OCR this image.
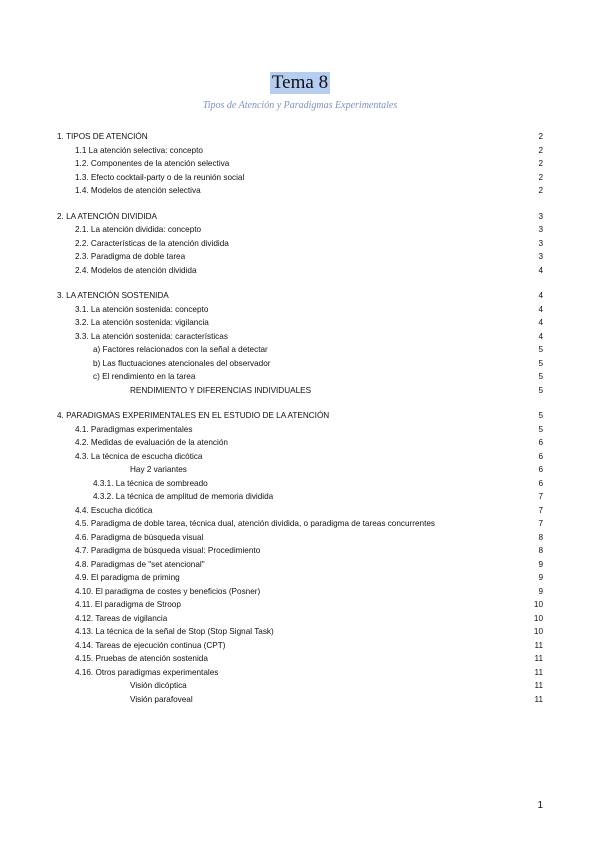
Tema 8
Tipos de Atención y Paradigmas Experimentales
1. TIPOS DE ATENCIÓN	2
1.1 La atención selectiva: concepto	2
1.2. Componentes de la atención selectiva	2
1.3. Efecto cocktail-party o de la reunión social	2
1.4. Modelos de atención selectiva	2
2. LA ATENCIÓN DIVIDIDA	3
2.1. La atención dividida: concepto	3
2.2. Características de la atención dividida	3
2.3. Paradigma de doble tarea	3
2.4. Modelos de atención dividida	4
3. LA ATENCIÓN SOSTENIDA	4
3.1. La atención sostenida: concepto	4
3.2. La atención sostenida: vigilancia	4
3.3. La atención sostenida: características	4
a) Factores relacionados con la señal a detectar	5
b) Las fluctuaciones atencionales del observador	5
c) El rendimiento en la tarea	5
RENDIMIENTO Y DIFERENCIAS INDIVIDUALES	5
4. PARADIGMAS EXPERIMENTALES EN EL ESTUDIO DE LA ATENCIÓN	5
4.1. Paradigmas experimentales	5
4.2. Medidas de evaluación de la atención	6
4.3. La técnica de escucha dicótica	6
Hay 2 variantes	6
4.3.1. La técnica de sombreado	6
4.3.2. La técnica de amplitud de memoria dividida	7
4.4. Escucha dicótica	7
4.5. Paradigma de doble tarea, técnica dual, atención dividida, o paradigma de tareas concurrentes	7
4.6. Paradigma de búsqueda visual	8
4.7. Paradigma de búsqueda visual: Procedimiento	8
4.8. Paradigmas de "set atencional"	9
4.9. El paradigma de priming	9
4.10. El paradigma de costes y beneficios (Posner)	9
4.11. El paradigma de Stroop	10
4.12. Tareas de vigilancia	10
4.13. La técnica de la señal de Stop (Stop Signal Task)	10
4.14. Tareas de ejecución continua (CPT)	11
4.15. Pruebas de atención sostenida	11
4.16. Otros paradigmas experimentales	11
Visión dicóptica	11
Visión parafoveal	11
1
